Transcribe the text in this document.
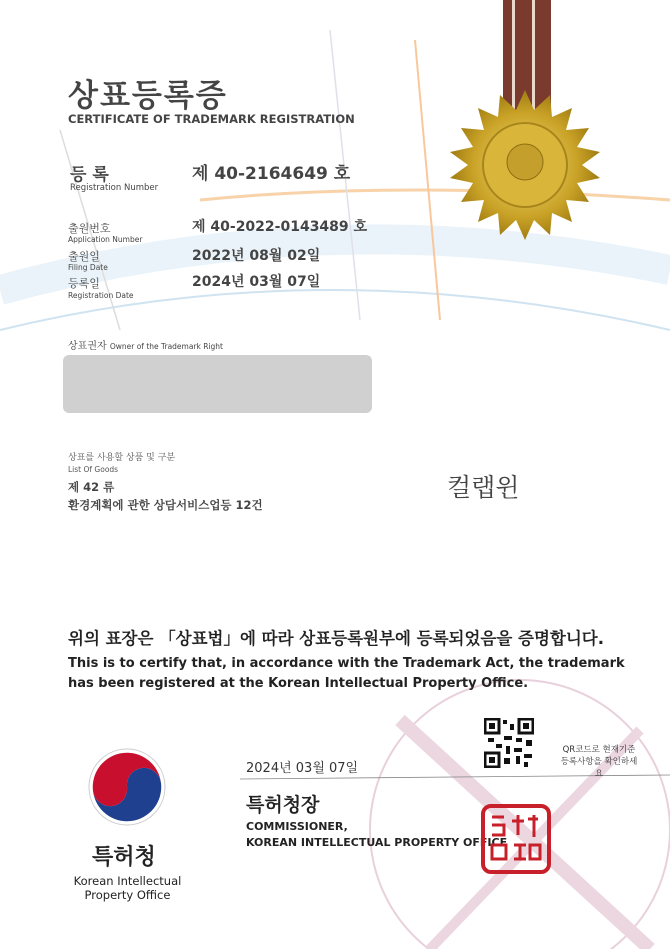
상표등록증
CERTIFICATE OF TRADEMARK REGISTRATION
등 록
Registration Number
제 40-2164649 호
출원번호
Application Number
제 40-2022-0143489 호
출원일
Filing Date
2022년 08월 02일
등록일
Registration Date
2024년 03월 07일
상표권자 Owner of the Trademark Right
상표를 사용할 상품 및 구분
List Of Goods
제 42 류
환경계획에 관한 상담서비스업등 12건
컬랩윈
위의 표장은 「상표법」에 따라 상표등록원부에 등록되었음을 증명합니다.
This is to certify that, in accordance with the Trademark Act, the trademark
has been registered at the Korean Intellectual Property Office.
QR코드로 현재기준
등록사항을 확인하세요
2024년 03월 07일
특허청장
COMMISSIONER,
KOREAN INTELLECTUAL PROPERTY OFFICE
특허청
Korean Intellectual
Property Office
